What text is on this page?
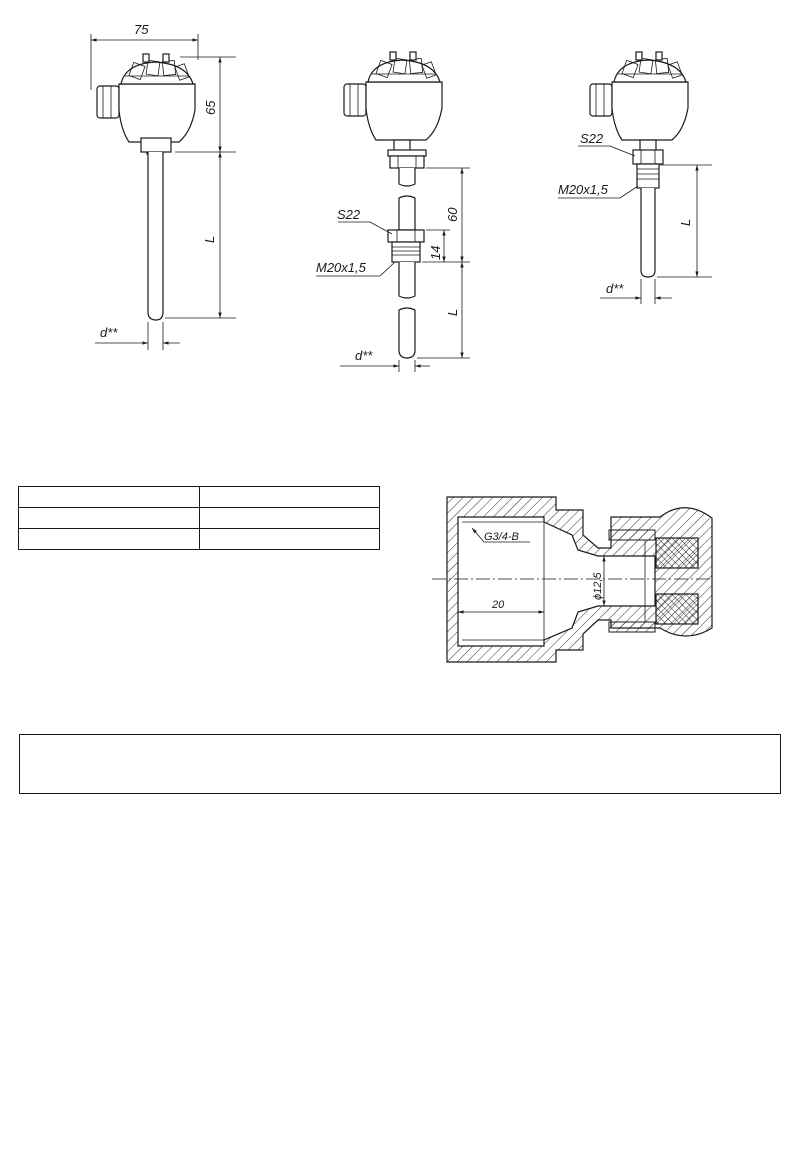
75
65
L
d**
S22
M20x1,5
60
14
L
d**
S22
M20x1,5
L
d**
G3/4-B
ϕ12,5
20
